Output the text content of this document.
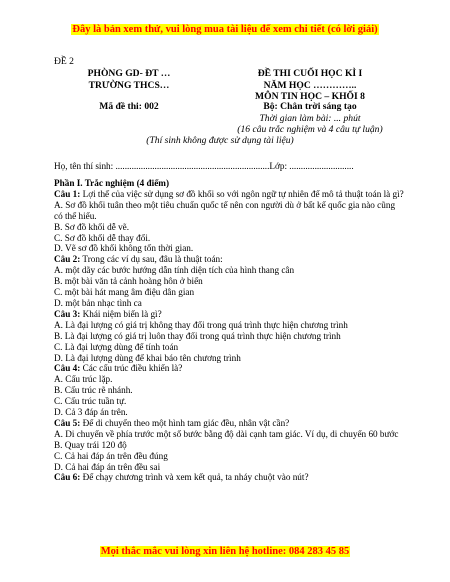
Đây là bản xem thử, vui lòng mua tài liệu để xem chi tiết (có lời giải)
ĐỀ 2
PHÒNG GD- ĐT …
TRƯỜNG THCS…
Mã đề thi: 002
ĐỀ THI CUỐI HỌC KÌ I
NĂM HỌC …………..
MÔN TIN HỌC – KHỐI 8
Bộ: Chân trời sáng tạo
Thời gian làm bài: ... phút
(16 câu trắc nghiệm và 4 câu tự luận)
(Thí sinh không được sử dụng tài liệu)
Họ, tên thí sinh: ...................................................................Lớp: ............................

Phần I. Trắc nghiệm (4 điểm)

Câu 1: Lợi thế của việc sử dụng sơ đồ khối so với ngôn ngữ tự nhiên để mô tả thuật toán là gì?

A. Sơ đồ khối tuân theo một tiêu chuẩn quốc tế nên con người dù ở bất kể quốc gia nào cũng có thể hiểu.

B. Sơ đồ khối dễ vẽ.

C. Sơ đồ khối dễ thay đổi.

D. Vẽ sơ đồ khối không tốn thời gian.

Câu 2: Trong các ví dụ sau, đâu là thuật toán:

A. một dãy các bước hướng dẫn tính diện tích của hình thang cân

B. một bài văn tả cảnh hoàng hôn ở biển

C. một bài hát mang âm điệu dân gian

D. một bản nhạc tình ca

Câu 3: Khái niệm biến là gì?

A. Là đại lượng có giá trị không thay đổi trong quá trình thực hiện chương trình

B. Là đại lượng có giá trị luôn thay đổi trong quá trình thực hiện chương trình

C. Là đại lượng dùng để tính toán

D. Là đại lượng dùng để khai báo tên chương trình

Câu 4: Các cấu trúc điều khiển là?

A. Cấu trúc lặp.

B. Cấu trúc rẽ nhánh.

C. Cấu trúc tuần tự.

D. Cả 3 đáp án trên.

Câu 5: Để di chuyển theo một hình tam giác đều, nhân vật cần?

A. Di chuyển về phía trước một số bước bằng độ dài cạnh tam giác. Ví dụ, di chuyển 60 bước

B. Quay trái 120 độ

C. Cả hai đáp án trên đều đúng

D. Cả hai đáp án trên đều sai

Câu 6: Để chạy chương trình và xem kết quả, ta nháy chuột vào nút?

Mọi thắc mắc vui lòng xin liên hệ hotline: 084 283 45 85
